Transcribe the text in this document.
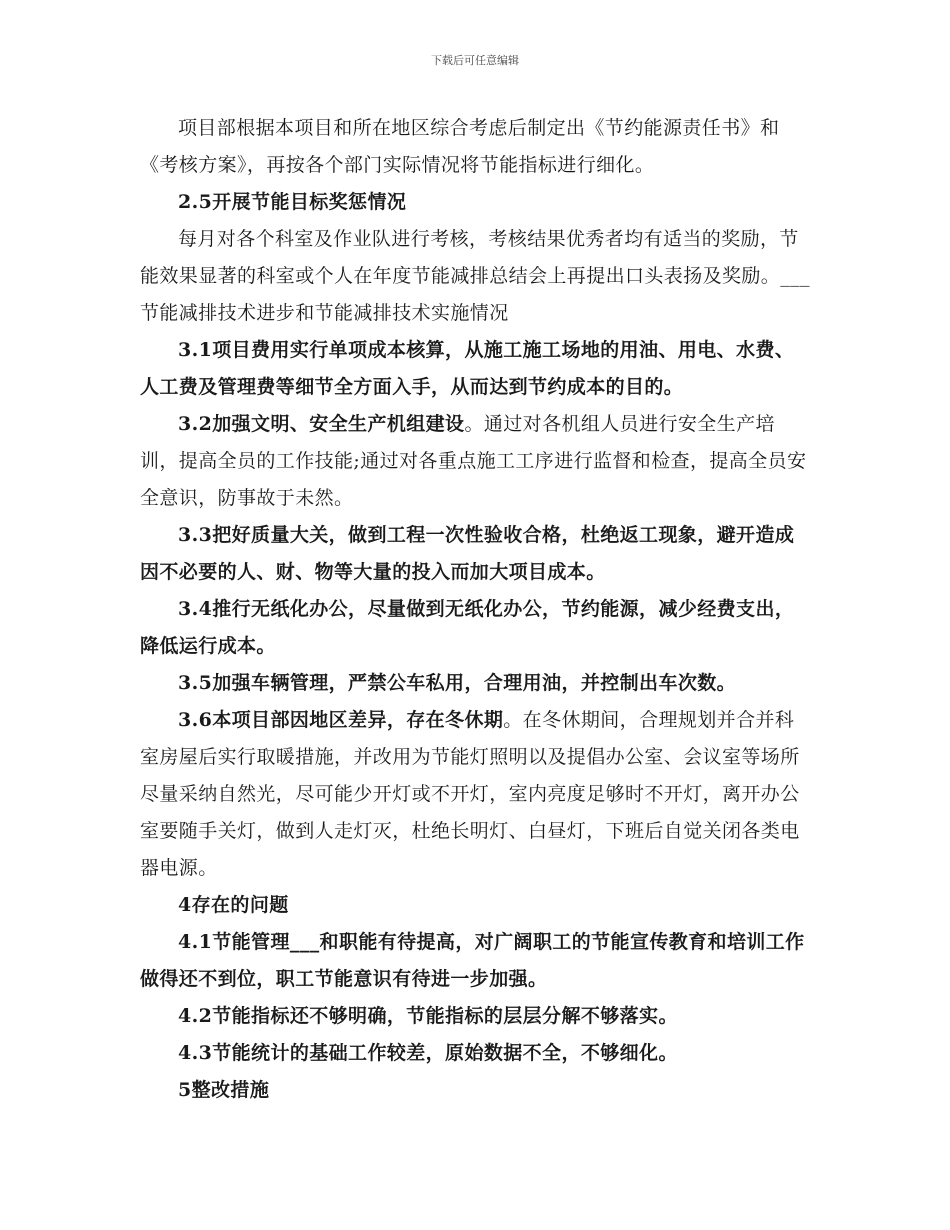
下载后可任意编辑

项目部根据本项目和所在地区综合考虑后制定出《节约能源责任书》和《考核方案》，再按各个部门实际情况将节能指标进行细化。

2.5开展节能目标奖惩情况

每月对各个科室及作业队进行考核，考核结果优秀者均有适当的奖励，节能效果显著的科室或个人在年度节能减排总结会上再提出口头表扬及奖励。___节能减排技术进步和节能减排技术实施情况

3.1项目费用实行单项成本核算，从施工施工场地的用油、用电、水费、人工费及管理费等细节全方面入手，从而达到节约成本的目的。

3.2加强文明、安全生产机组建设。通过对各机组人员进行安全生产培训，提高全员的工作技能;通过对各重点施工工序进行监督和检查，提高全员安全意识，防事故于未然。

3.3把好质量大关，做到工程一次性验收合格，杜绝返工现象，避开造成因不必要的人、财、物等大量的投入而加大项目成本。

3.4推行无纸化办公，尽量做到无纸化办公，节约能源，减少经费支出，降低运行成本。

3.5加强车辆管理，严禁公车私用，合理用油，并控制出车次数。

3.6本项目部因地区差异，存在冬休期。在冬休期间，合理规划并合并科室房屋后实行取暖措施，并改用为节能灯照明以及提倡办公室、会议室等场所尽量采纳自然光，尽可能少开灯或不开灯，室内亮度足够时不开灯，离开办公室要随手关灯，做到人走灯灭，杜绝长明灯、白昼灯，下班后自觉关闭各类电器电源。

4存在的问题

4.1节能管理___和职能有待提高，对广阔职工的节能宣传教育和培训工作做得还不到位，职工节能意识有待进一步加强。

4.2节能指标还不够明确，节能指标的层层分解不够落实。

4.3节能统计的基础工作较差，原始数据不全，不够细化。

5整改措施
